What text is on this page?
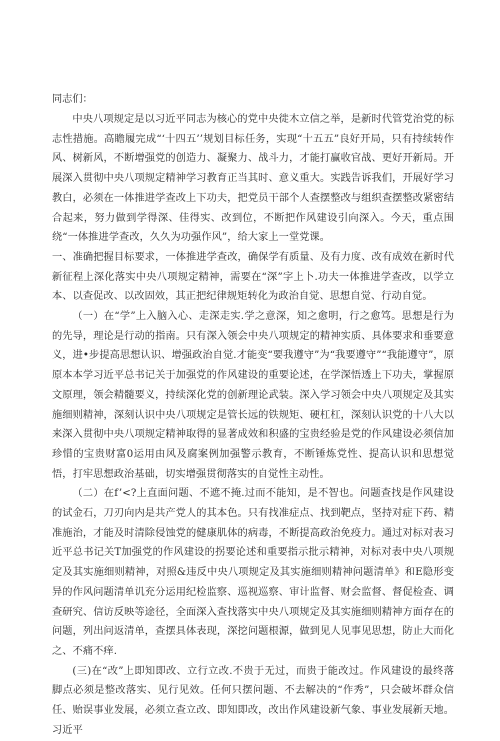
同志们：

中央八项规定是以习近平同志为核心的党中央徙木立信之举，是新时代管党治党的标志性措施。高瞻履完成“‘十四五’’规划目标任务，实现“十五五”良好开局，只有持续转作风、树新风，不断增强党的创造力、凝聚力、战斗力，才能打赢收官战、更好开新局。开展深入贯彻中央八项规定精神学习教育正当其时、意义重大。实践告诉我们，开展好学习教白，必须在一体推进学查改上下功夫，把党员干部个人查摆整改与组织查摆整改紧密结合起来，努力做到学得深、佳得实、改到位，不断把作风建设引向深入。今天，重点围绕“一体推进学查改，久久为功强作风”，给大家上一堂党课。

一、准确把握目标要求，一体推进学查改，确保学有质量、及有力度、改有成效在新时代新征程上深化落实中央八项规定精神，需要在“深”字上卜.功夫一体推进学查改，以学立本、以查促改、以改固效，其正把纪律规矩转化为政治自觉、思想自觉、行动自觉。

（一）在“学”上入脑入心、走深走实.学之意深，知之愈明，行之愈笃。思想是行为的先导，理论是行动的指南。只有深入领会中央八项规定的精神实质、具体要求和垂要意义，进•步提高思想认识、增强政治自觉.才能变“要我遵守”为“我要遵守”“我能遵守”，原原本本学习近平总书记关于加强党的作风建设的重要论述，在学深悟透上下功夫，掌握原文原理，领会精髓要义，持续深化党的创新理论武装。深入学习领会中央八项规定及其实施细则精神，深刻认识中央八项规定是管长远的铁规矩、硬杠杠，深刻认识党的十八大以来深入贯彻中央八项规定精神取得的显著成效和积盛的宝贵经验是党的作风建设必须信加珍惜的宝贵财富0运用由风及腐案例加强警示教育，不断锤炼党性、提高认识和思想觉悟，打牢思想政治基础，切实增强贯彻落实的自觉性主动性。

（二）在f’<?上直面问题、不遮不掩.过而不能知，是不智也。问题查找是作风建设的试金石，刀刃向内是共产党人的其本色。只有找准症点、找到靶点，坚持对症下药、精准施治，才能及时清除侵蚀党的健康肌体的病毒，不断提高政治免疫力。通过对标对表习近平总书记关T加强党的作风建设的拐要论述和重要指示批示精神，对标对表中央八项规定及其实施细则精神，对照&违反中央八项规定及其实施细则精神问题清单》和E隐形变异的作风问题清单讥充分运用纪检监察、巡视巡察、审计监督、财会监督、督促检查、调查研究、信访反映等途径，全面深入查找落实中央八项规定及其实施细则精神方面存在的问题，列出问返清单，查摆具体表现，深挖问题根源，做到见人见事见思想，防止大而化之、不痛不痒.

(三)在“改”上即知即改、立行立改.不贵于无过，而贵于能改过。作风建设的最终落脚点必须是整改落实、见行见效。任何只摆问题、不去解决的“作秀”，只会破坏群众信任、贻误事业发展，必须立查立改、即知即改，改出作风建设新气象、事业发展新天地。习近平
